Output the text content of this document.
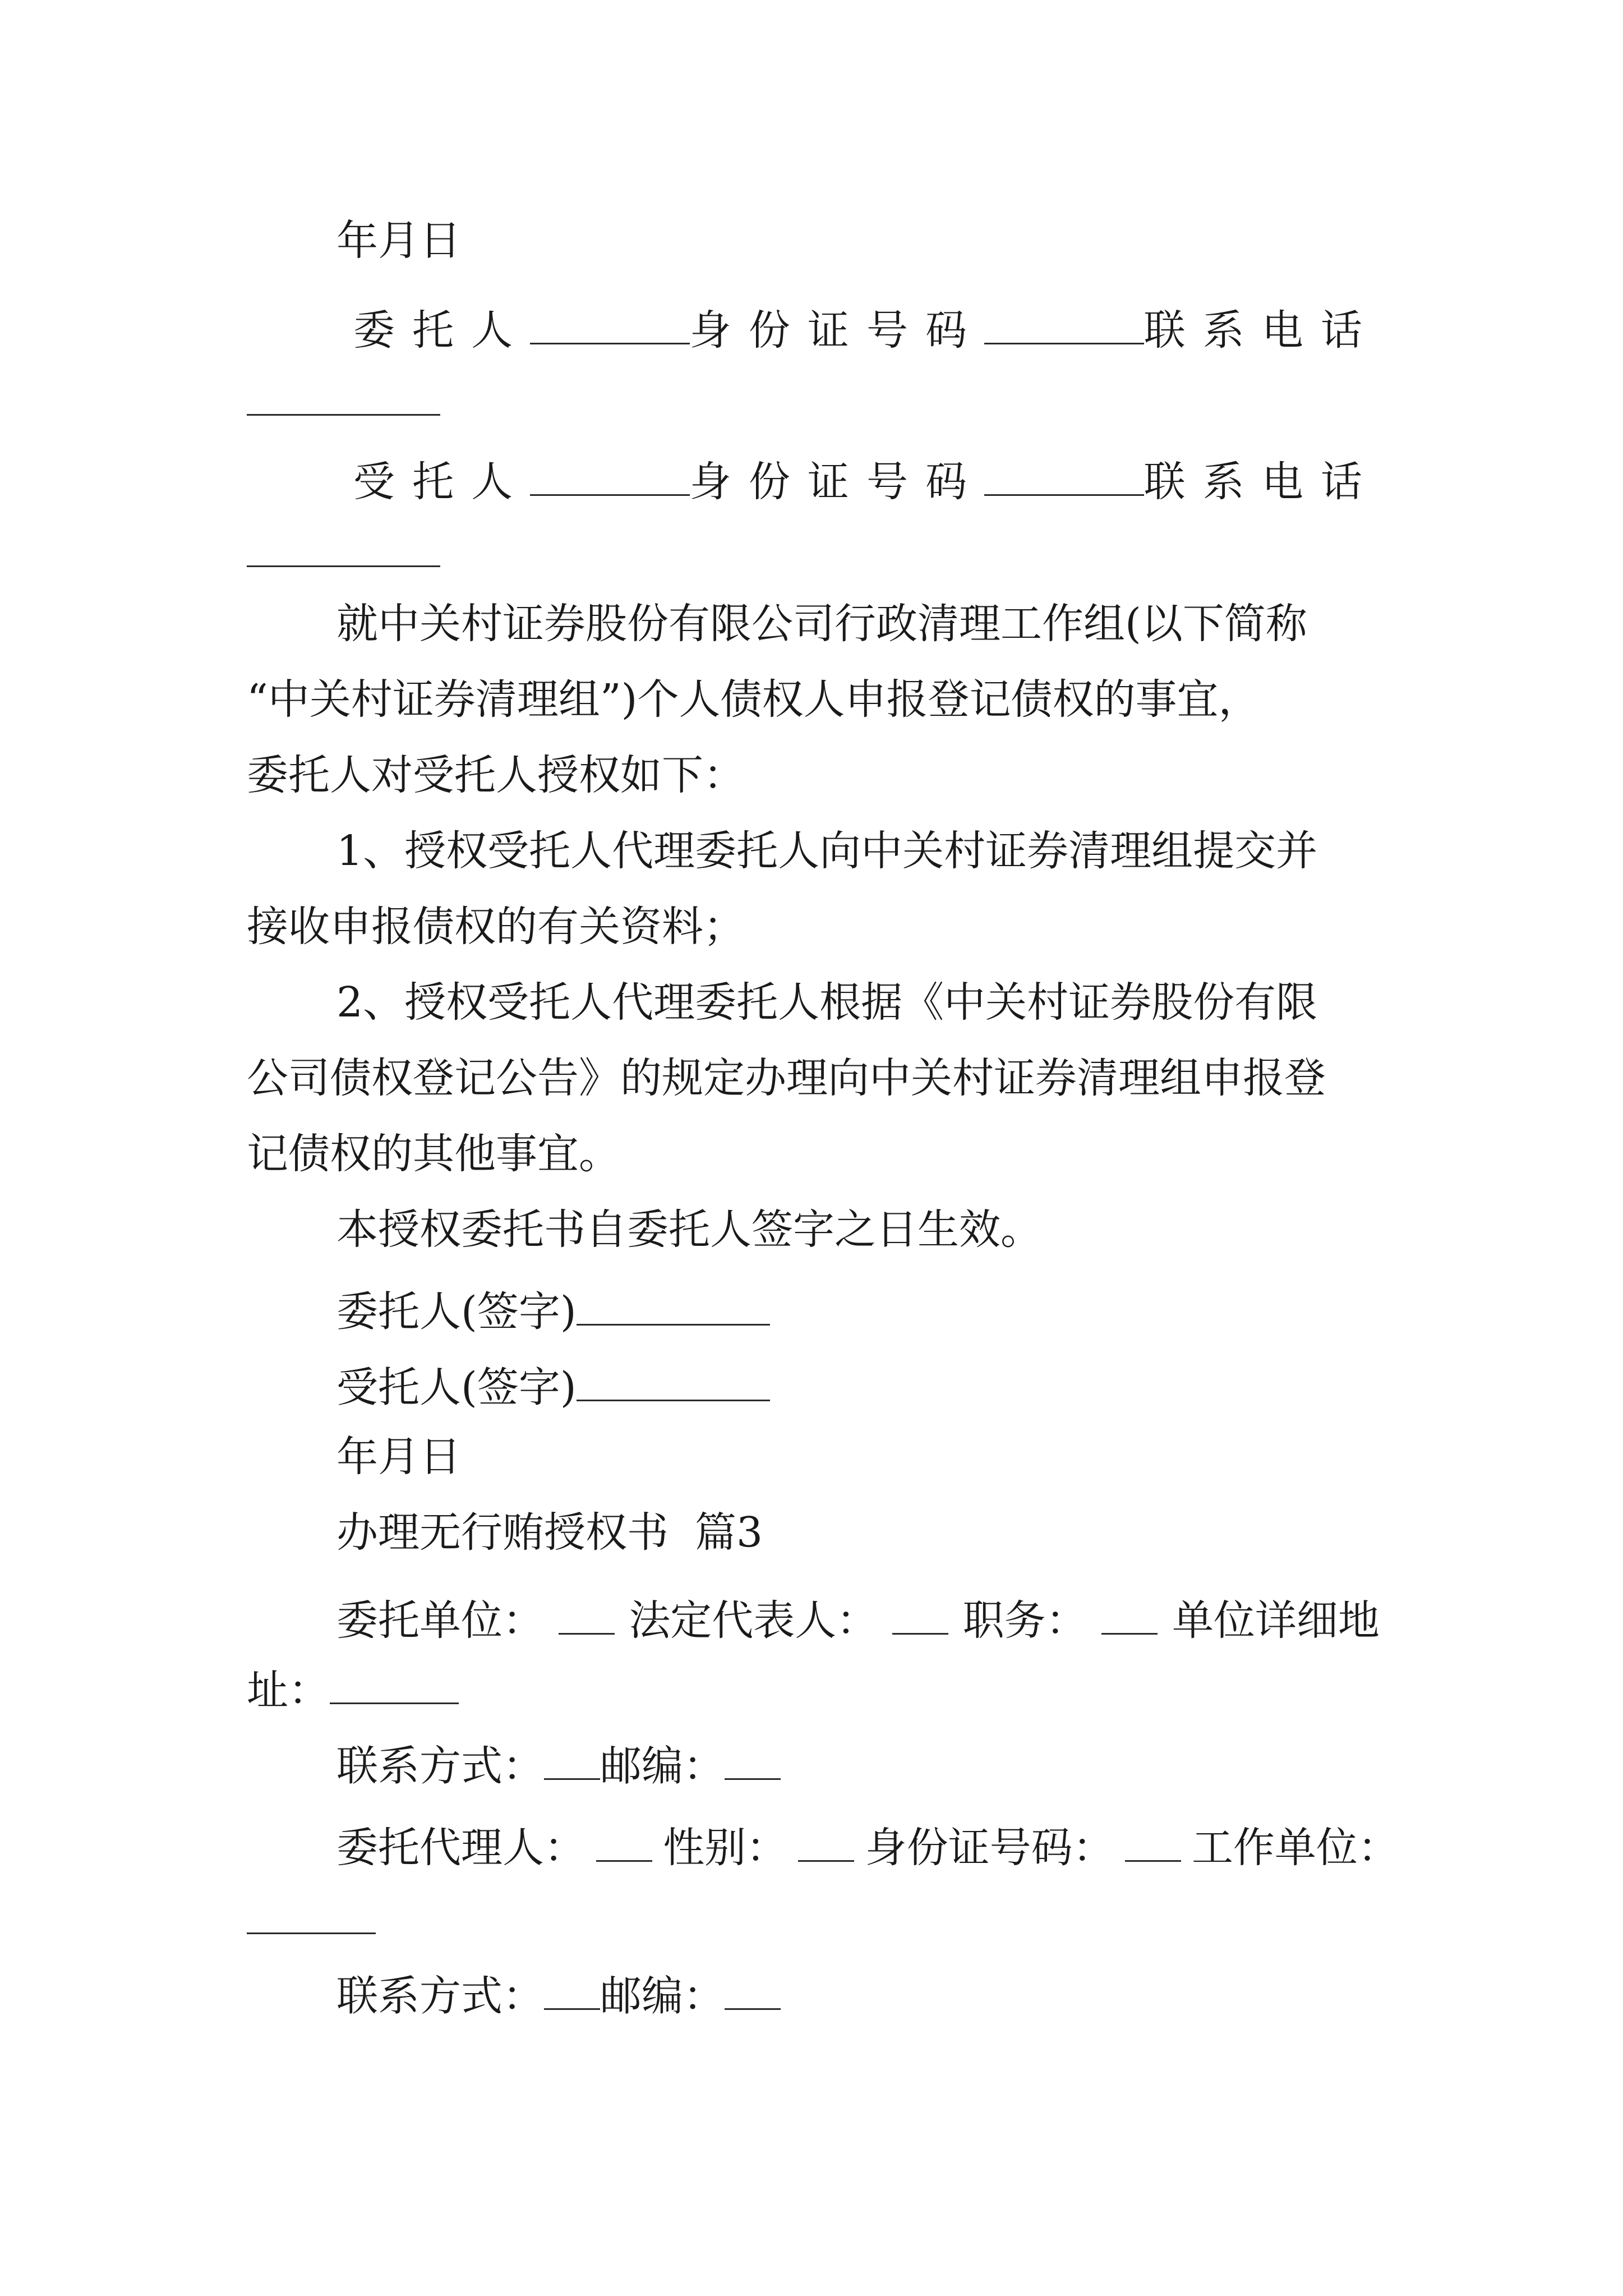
年月日
委托人	身份证号码	联系电话
受托人	身份证号码	联系电话
就中关村证券股份有限公司行政清理工作组(以下简称
“中关村证券清理组”)个人债权人申报登记债权的事宜，
委托人对受托人授权如下：
1、授权受托人代理委托人向中关村证券清理组提交并
接收申报债权的有关资料；
2、授权受托人代理委托人根据《中关村证券股份有限
公司债权登记公告》的规定办理向中关村证券清理组申报登
记债权的其他事宜。
本授权委托书自委托人签字之日生效。
委托人(签字)
受托人(签字)
年月日
办理无行贿授权书  篇3
委托单位： 法定代表人： 职务： 单位详细地
址：
联系方式： 邮编：
委托代理人： 性别： 身份证号码： 工作单位：
联系方式： 邮编：
